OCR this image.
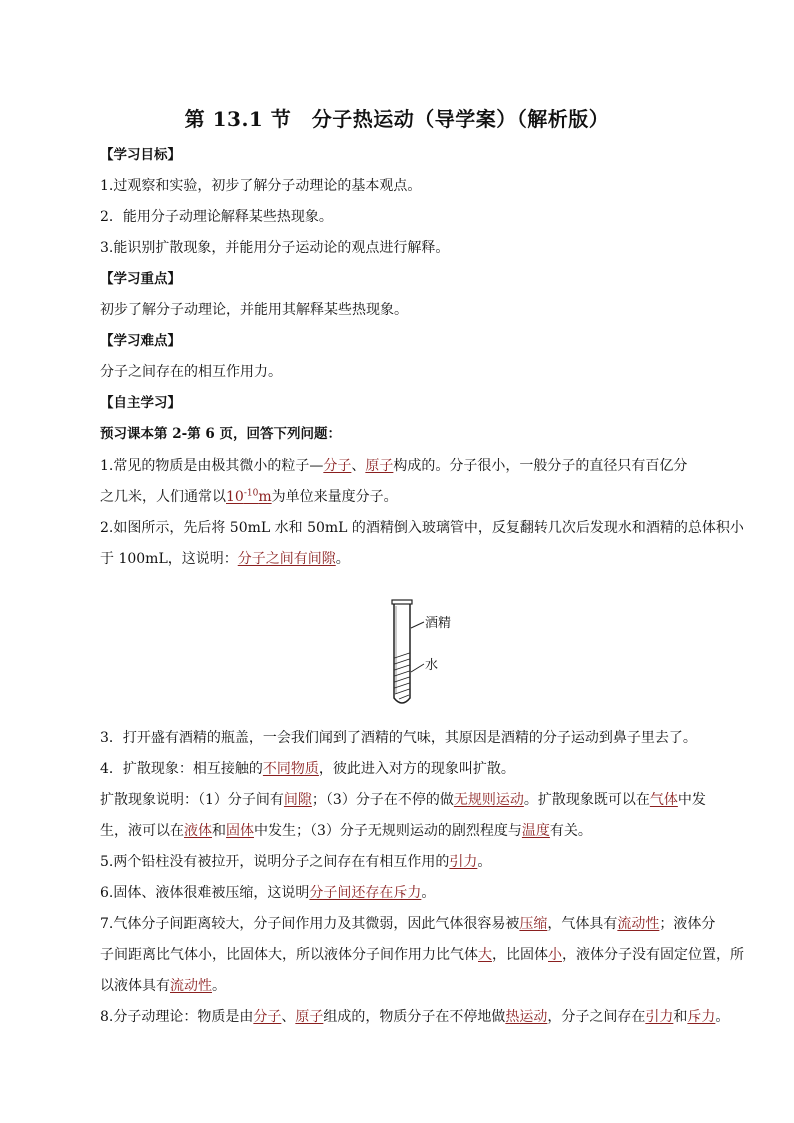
第 13.1 节　分子热运动（导学案）（解析版）
【学习目标】
1.过观察和实验，初步了解分子动理论的基本观点。
2．能用分子动理论解释某些热现象。
3.能识别扩散现象，并能用分子运动论的观点进行解释。
【学习重点】
初步了解分子动理论，并能用其解释某些热现象。
【学习难点】
分子之间存在的相互作用力。
【自主学习】
预习课本第 2-第 6 页，回答下列问题：
1.常见的物质是由极其微小的粒子—分子、原子构成的。分子很小，一般分子的直径只有百亿分
之几米，人们通常以$10^{-10}m$为单位来量度分子。
2.如图所示，先后将 50mL 水和 50mL 的酒精倒入玻璃管中，反复翻转几次后发现水和酒精的总体积小
于 100mL，这说明：分子之间有间隙。
酒精
水
3．打开盛有酒精的瓶盖，一会我们闻到了酒精的气味，其原因是酒精的分子运动到鼻子里去了。
4．扩散现象：相互接触的不同物质，彼此进入对方的现象叫扩散。
扩散现象说明：（1）分子间有间隙；（3）分子在不停的做无规则运动。扩散现象既可以在气体中发
生，液可以在液体和固体中发生；（3）分子无规则运动的剧烈程度与温度有关。
5.两个铅柱没有被拉开，说明分子之间存在有相互作用的引力。
6.固体、液体很难被压缩，这说明分子间还存在斥力。
7.气体分子间距离较大，分子间作用力及其微弱，因此气体很容易被压缩，气体具有流动性；液体分
子间距离比气体小，比固体大，所以液体分子间作用力比气体大，比固体小，液体分子没有固定位置，所
以液体具有流动性。
8.分子动理论：物质是由分子、原子组成的，物质分子在不停地做热运动，分子之间存在引力和斥力。
